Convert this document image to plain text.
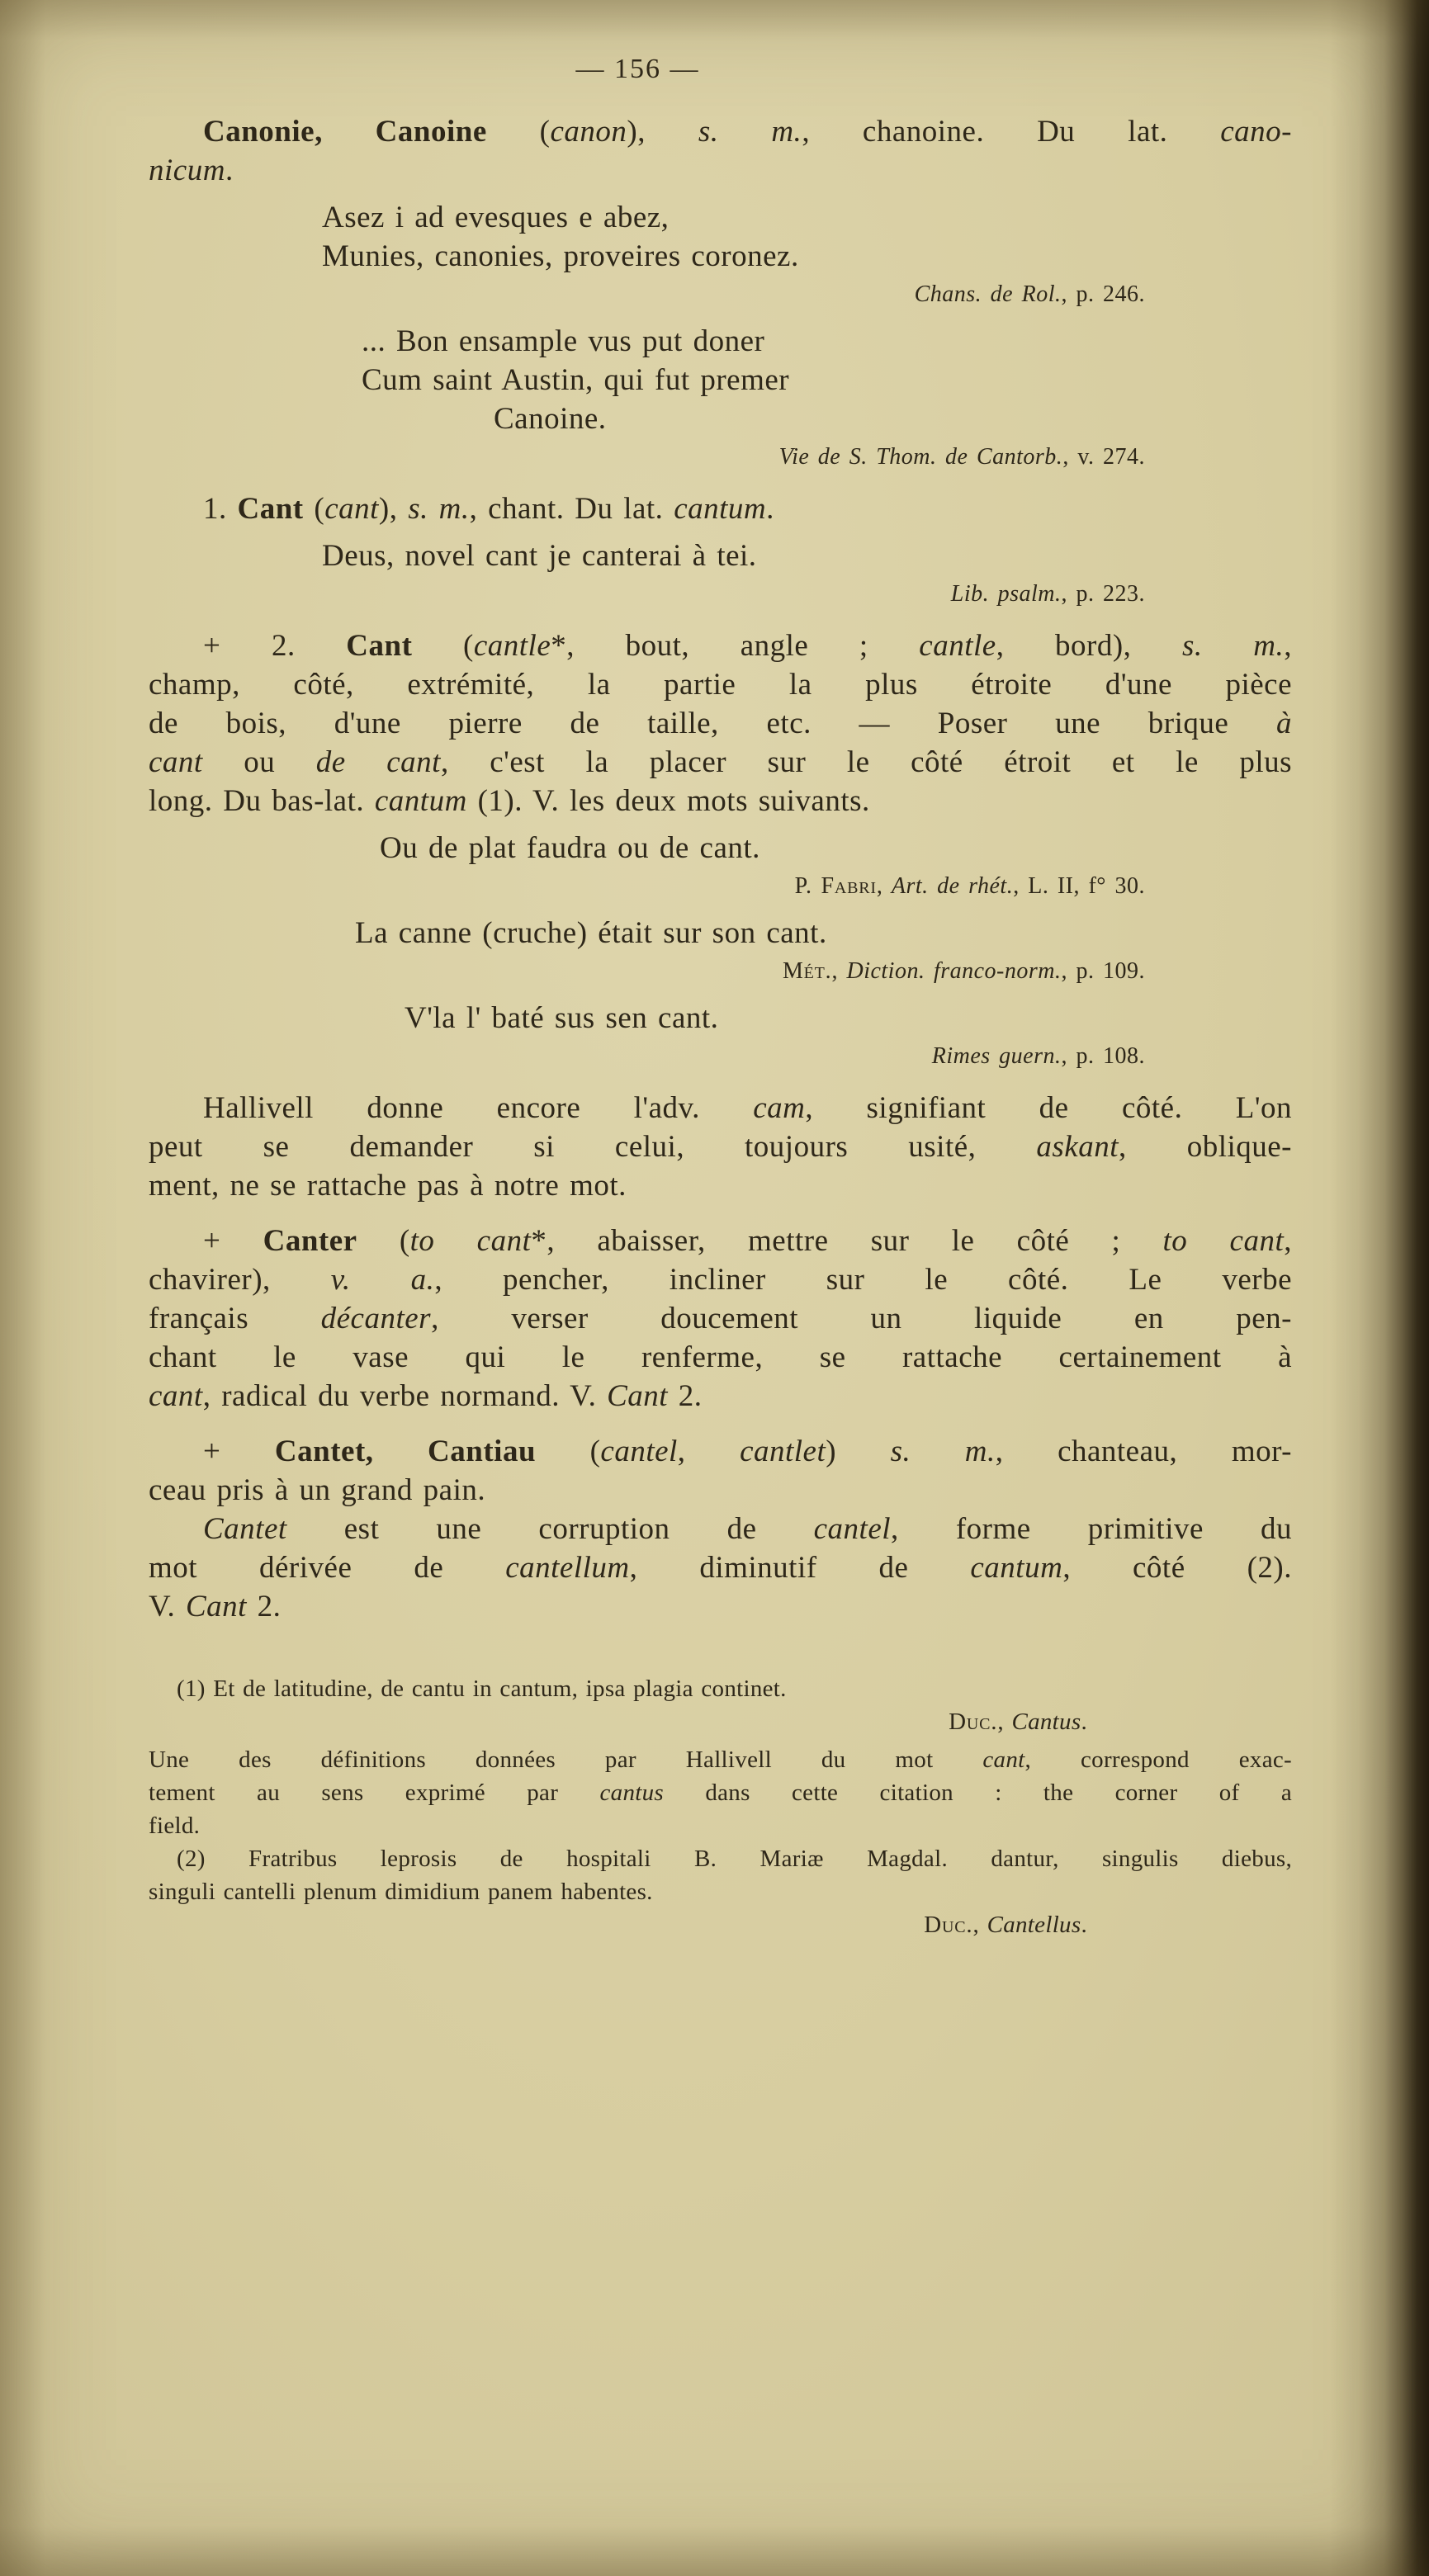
— 156 —
Canonie, Canoine (canon), s. m., chanoine. Du lat. cano-
nicum.
Asez i ad evesques e abez,
Munies, canonies, proveires coronez.
Chans. de Rol., p. 246.
... Bon ensample vus put doner
Cum saint Austin, qui fut premer
Canoine.
Vie de S. Thom. de Cantorb., v. 274.
1. Cant (cant), s. m., chant. Du lat. cantum.
Deus, novel cant je canterai à tei.
Lib. psalm., p. 223.
+ 2. Cant (cantle*, bout, angle ; cantle, bord), s. m.,
champ, côté, extrémité, la partie la plus étroite d'une pièce
de bois, d'une pierre de taille, etc. — Poser une brique à
cant ou de cant, c'est la placer sur le côté étroit et le plus
long. Du bas-lat. cantum (1). V. les deux mots suivants.
Ou de plat faudra ou de cant.
P. Fabri, Art. de rhét., L. II, f° 30.
La canne (cruche) était sur son cant.
Mét., Diction. franco-norm., p. 109.
V'la l' baté sus sen cant.
Rimes guern., p. 108.
Hallivell donne encore l'adv. cam, signifiant de côté. L'on
peut se demander si celui, toujours usité, askant, oblique-
ment, ne se rattache pas à notre mot.
+ Canter (to cant*, abaisser, mettre sur le côté ; to cant,
chavirer), v. a., pencher, incliner sur le côté. Le verbe
français décanter, verser doucement un liquide en pen-
chant le vase qui le renferme, se rattache certainement à
cant, radical du verbe normand. V. Cant 2.
+ Cantet, Cantiau (cantel, cantlet) s. m., chanteau, mor-
ceau pris à un grand pain.
Cantet est une corruption de cantel, forme primitive du
mot dérivée de cantellum, diminutif de cantum, côté (2).
V. Cant 2.
(1) Et de latitudine, de cantu in cantum, ipsa plagia continet.
Duc., Cantus.
Une des définitions données par Hallivell du mot cant, correspond exac-
tement au sens exprimé par cantus dans cette citation : the corner of a
field.
(2) Fratribus leprosis de hospitali B. Mariæ Magdal. dantur, singulis diebus,
singuli cantelli plenum dimidium panem habentes.
Duc., Cantellus.
